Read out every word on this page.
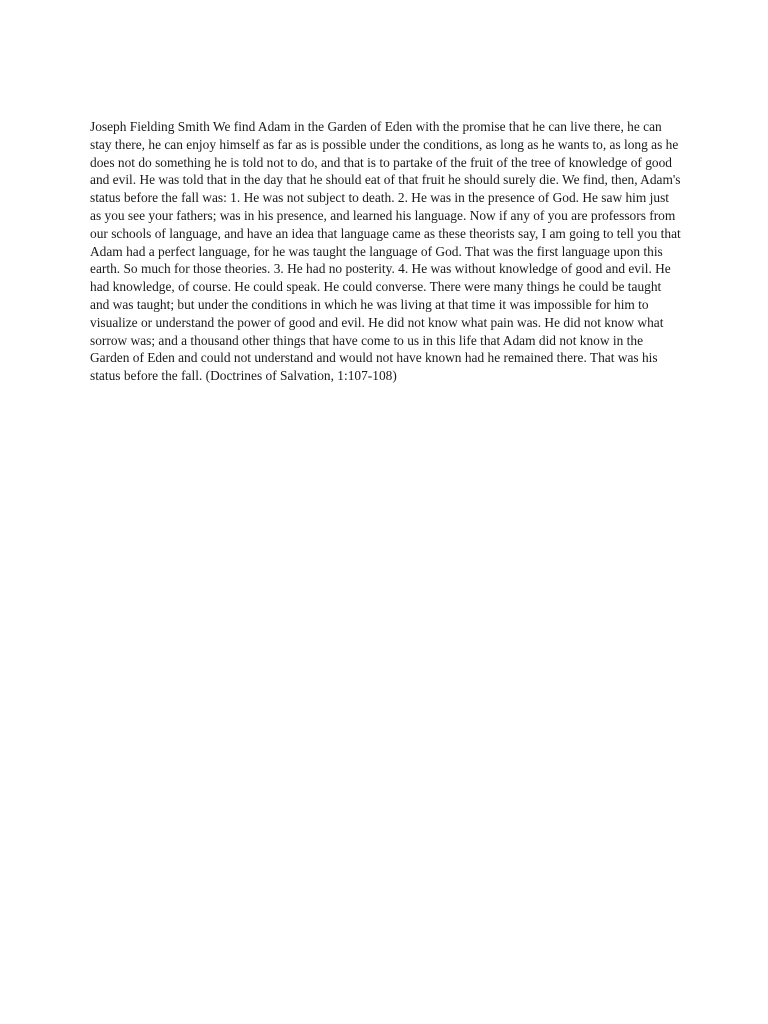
Joseph Fielding Smith We find Adam in the Garden of Eden with the promise that he can live there, he can stay there, he can enjoy himself as far as is possible under the conditions, as long as he wants to, as long as he does not do something he is told not to do, and that is to partake of the fruit of the tree of knowledge of good and evil. He was told that in the day that he should eat of that fruit he should surely die. We find, then, Adam's status before the fall was: 1. He was not subject to death. 2. He was in the presence of God. He saw him just as you see your fathers; was in his presence, and learned his language. Now if any of you are professors from our schools of language, and have an idea that language came as these theorists say, I am going to tell you that Adam had a perfect language, for he was taught the language of God. That was the first language upon this earth. So much for those theories. 3. He had no posterity. 4. He was without knowledge of good and evil. He had knowledge, of course. He could speak. He could converse. There were many things he could be taught and was taught; but under the conditions in which he was living at that time it was impossible for him to visualize or understand the power of good and evil. He did not know what pain was. He did not know what sorrow was; and a thousand other things that have come to us in this life that Adam did not know in the Garden of Eden and could not understand and would not have known had he remained there. That was his status before the fall. (Doctrines of Salvation, 1:107-108)
